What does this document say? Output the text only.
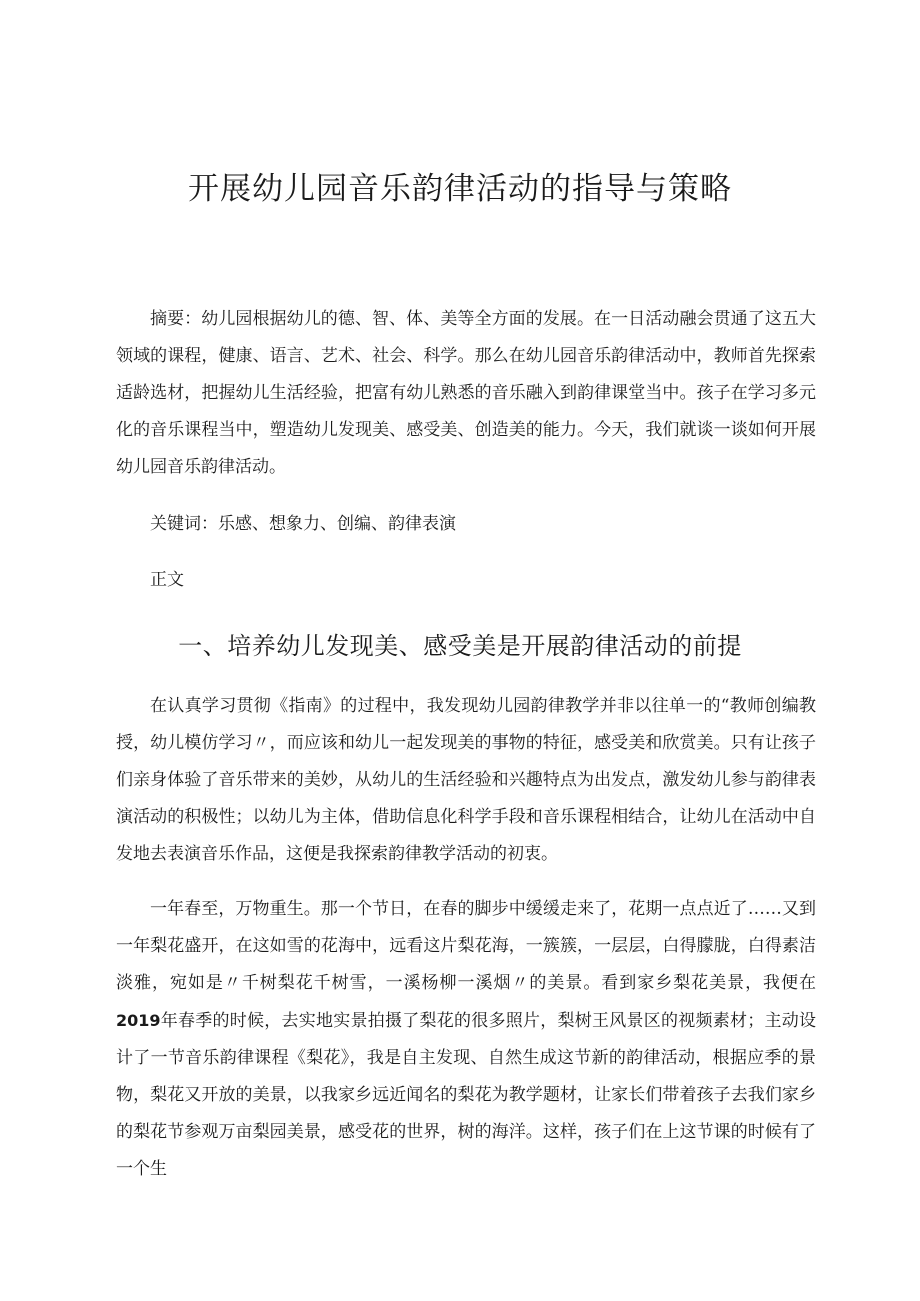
开展幼儿园音乐韵律活动的指导与策略

摘要：幼儿园根据幼儿的德、智、体、美等全方面的发展。在一日活动融会贯通了这五大领域的课程，健康、语言、艺术、社会、科学。那么在幼儿园音乐韵律活动中，教师首先探索适龄选材，把握幼儿生活经验，把富有幼儿熟悉的音乐融入到韵律课堂当中。孩子在学习多元化的音乐课程当中，塑造幼儿发现美、感受美、创造美的能力。今天，我们就谈一谈如何开展幼儿园音乐韵律活动。

关键词：乐感、想象力、创编、韵律表演

正文

一、培养幼儿发现美、感受美是开展韵律活动的前提

在认真学习贯彻《指南》的过程中，我发现幼儿园韵律教学并非以往单一的“教师创编教授，幼儿模仿学习〃，而应该和幼儿一起发现美的事物的特征，感受美和欣赏美。只有让孩子们亲身体验了音乐带来的美妙，从幼儿的生活经验和兴趣特点为出发点，激发幼儿参与韵律表演活动的积极性；以幼儿为主体，借助信息化科学手段和音乐课程相结合，让幼儿在活动中自发地去表演音乐作品，这便是我探索韵律教学活动的初衷。

一年春至，万物重生。那一个节日，在春的脚步中缓缓走来了，花期一点点近了……又到一年梨花盛开，在这如雪的花海中，远看这片梨花海，一簇簇，一层层，白得朦胧，白得素洁淡雅，宛如是〃千树梨花千树雪，一溪杨柳一溪烟〃的美景。看到家乡梨花美景，我便在2019年春季的时候，去实地实景拍摄了梨花的很多照片，梨树王风景区的视频素材；主动设计了一节音乐韵律课程《梨花》，我是自主发现、自然生成这节新的韵律活动，根据应季的景物，梨花又开放的美景，以我家乡远近闻名的梨花为教学题材，让家长们带着孩子去我们家乡的梨花节参观万亩梨园美景，感受花的世界，树的海洋。这样，孩子们在上这节课的时候有了一个生
